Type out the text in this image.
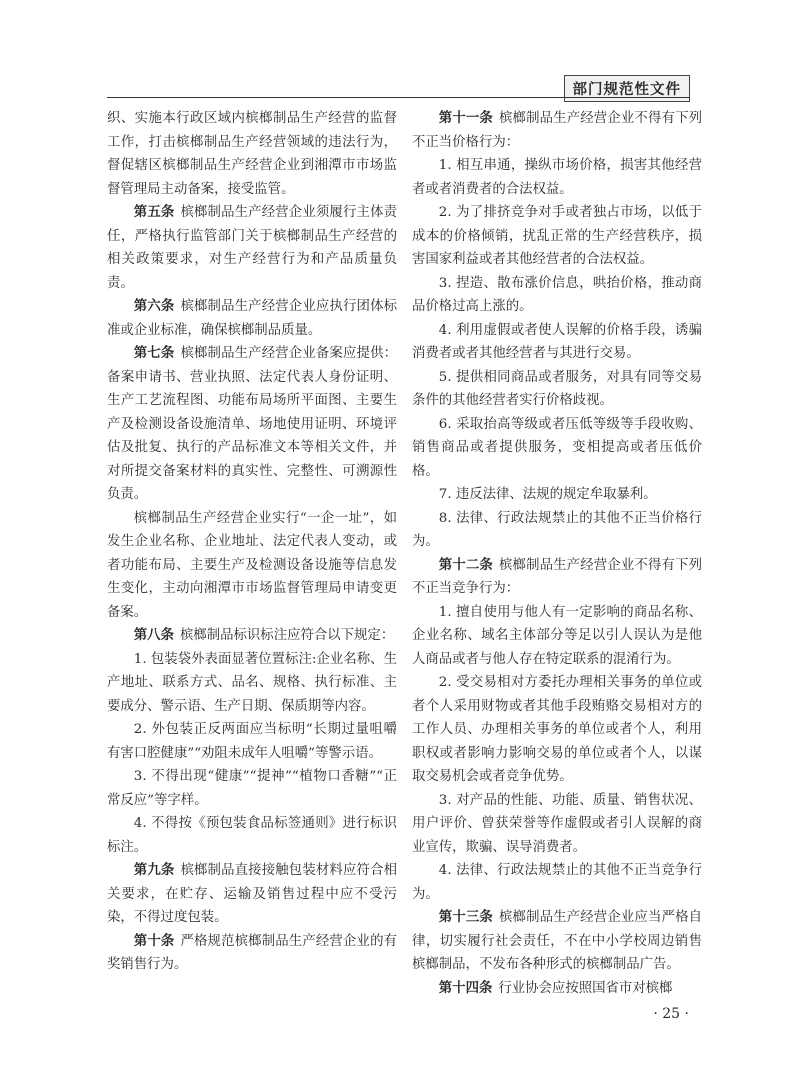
部门规范性文件

织、实施本行政区域内槟榔制品生产经营的监督工作，打击槟榔制品生产经营领域的违法行为，督促辖区槟榔制品生产经营企业到湘潭市市场监督管理局主动备案，接受监管。

第五条 槟榔制品生产经营企业须履行主体责任，严格执行监管部门关于槟榔制品生产经营的相关政策要求，对生产经营行为和产品质量负责。

第六条 槟榔制品生产经营企业应执行团体标准或企业标准，确保槟榔制品质量。

第七条 槟榔制品生产经营企业备案应提供：备案申请书、营业执照、法定代表人身份证明、生产工艺流程图、功能布局场所平面图、主要生产及检测设备设施清单、场地使用证明、环境评估及批复、执行的产品标准文本等相关文件，并对所提交备案材料的真实性、完整性、可溯源性负责。

槟榔制品生产经营企业实行“一企一址”，如发生企业名称、企业地址、法定代表人变动，或者功能布局、主要生产及检测设备设施等信息发生变化，主动向湘潭市市场监督管理局申请变更备案。

第八条 槟榔制品标识标注应符合以下规定：

1. 包装袋外表面显著位置标注:企业名称、生产地址、联系方式、品名、规格、执行标准、主要成分、警示语、生产日期、保质期等内容。

2. 外包装正反两面应当标明“长期过量咀嚼 有害口腔健康”“劝阻未成年人咀嚼”等警示语。

3. 不得出现“健康”“提神”“植物口香糖”“正常反应”等字样。

4. 不得按《预包装食品标签通则》进行标识标注。

第九条 槟榔制品直接接触包装材料应符合相关要求，在贮存、运输及销售过程中应不受污染，不得过度包装。

第十条 严格规范槟榔制品生产经营企业的有奖销售行为。

第十一条 槟榔制品生产经营企业不得有下列不正当价格行为：

1. 相互串通，操纵市场价格，损害其他经营者或者消费者的合法权益。

2. 为了排挤竞争对手或者独占市场，以低于成本的价格倾销，扰乱正常的生产经营秩序，损害国家利益或者其他经营者的合法权益。

3. 捏造、散布涨价信息，哄抬价格，推动商品价格过高上涨的。

4. 利用虚假或者使人误解的价格手段，诱骗消费者或者其他经营者与其进行交易。

5. 提供相同商品或者服务，对具有同等交易条件的其他经营者实行价格歧视。

6. 采取抬高等级或者压低等级等手段收购、销售商品或者提供服务，变相提高或者压低价格。

7. 违反法律、法规的规定牟取暴利。

8. 法律、行政法规禁止的其他不正当价格行为。

第十二条 槟榔制品生产经营企业不得有下列不正当竞争行为：

1. 擅自使用与他人有一定影响的商品名称、企业名称、域名主体部分等足以引人误认为是他人商品或者与他人存在特定联系的混淆行为。

2. 受交易相对方委托办理相关事务的单位或者个人采用财物或者其他手段贿赂交易相对方的工作人员、办理相关事务的单位或者个人，利用职权或者影响力影响交易的单位或者个人，以谋取交易机会或者竞争优势。

3. 对产品的性能、功能、质量、销售状况、用户评价、曾获荣誉等作虚假或者引人误解的商业宣传，欺骗、误导消费者。

4. 法律、行政法规禁止的其他不正当竞争行为。

第十三条 槟榔制品生产经营企业应当严格自律，切实履行社会责任，不在中小学校周边销售槟榔制品，不发布各种形式的槟榔制品广告。

第十四条 行业协会应按照国省市对槟榔

· 25 ·
